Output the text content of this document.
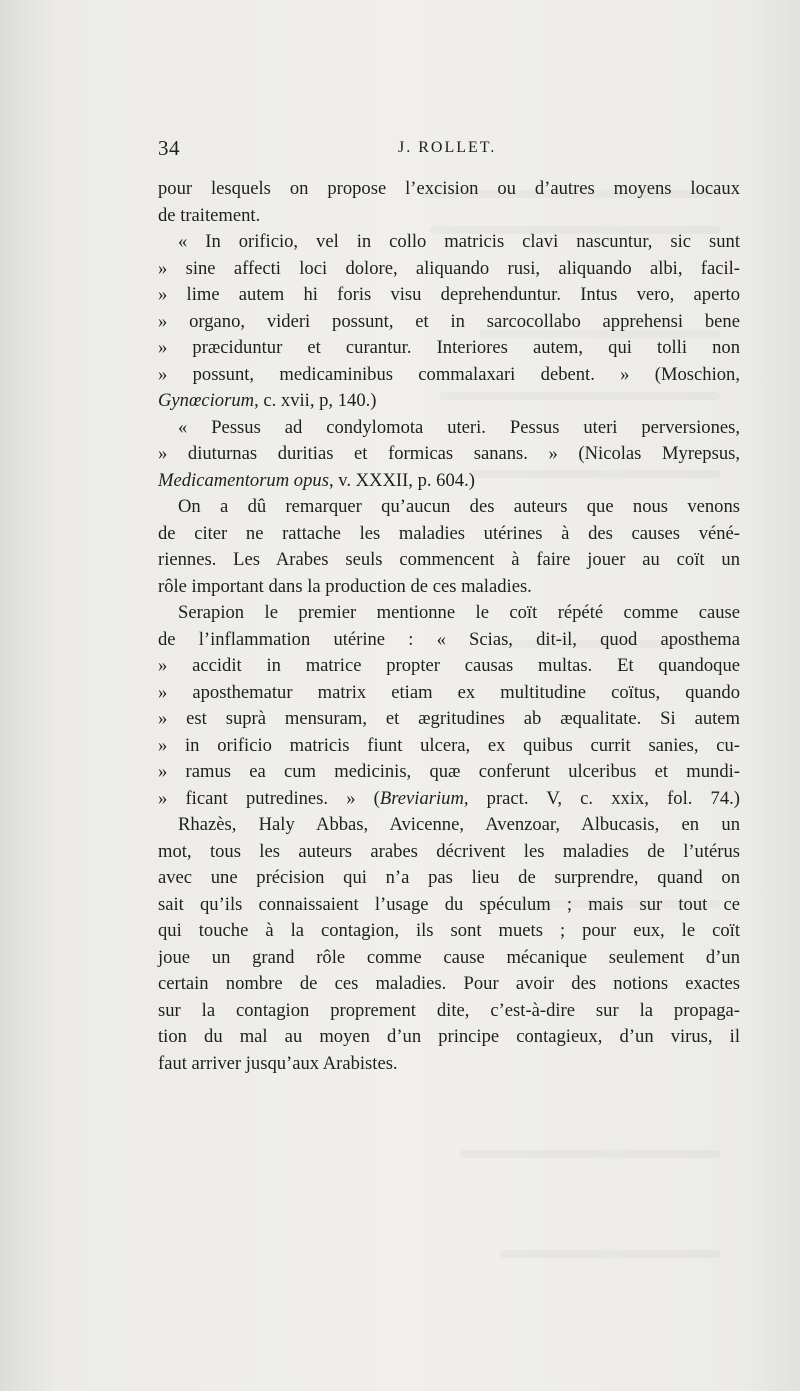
34	J. ROLLET.
pour lesquels on propose l’excision ou d’autres moyens locaux
de traitement.
« In orificio, vel in collo matricis clavi nascuntur, sic sunt
» sine affecti loci dolore, aliquando rusi, aliquando albi, facil-
» lime autem hi foris visu deprehenduntur. Intus vero, aperto
» organo, videri possunt, et in sarcocollabo apprehensi bene
» præciduntur et curantur. Interiores autem, qui tolli non
» possunt, medicaminibus commalaxari debent. » (Moschion,
Gynœciorum, c. xvii, p, 140.)
« Pessus ad condylomota uteri. Pessus uteri perversiones,
» diuturnas duritias et formicas sanans. » (Nicolas Myrepsus,
Medicamentorum opus, v. XXXII, p. 604.)
On a dû remarquer qu’aucun des auteurs que nous venons
de citer ne rattache les maladies utérines à des causes véné-
riennes. Les Arabes seuls commencent à faire jouer au coït un
rôle important dans la production de ces maladies.
Serapion le premier mentionne le coït répété comme cause
de l’inflammation utérine : « Scias, dit-il, quod aposthema
» accidit in matrice propter causas multas. Et quandoque
» aposthematur matrix etiam ex multitudine coïtus, quando
» est suprà mensuram, et ægritudines ab æqualitate. Si autem
» in orificio matricis fiunt ulcera, ex quibus currit sanies, cu-
» ramus ea cum medicinis, quæ conferunt ulceribus et mundi-
» ficant putredines. » (Breviarium, pract. V, c. xxix, fol. 74.)
Rhazès, Haly Abbas, Avicenne, Avenzoar, Albucasis, en un
mot, tous les auteurs arabes décrivent les maladies de l’utérus
avec une précision qui n’a pas lieu de surprendre, quand on
sait qu’ils connaissaient l’usage du spéculum ; mais sur tout ce
qui touche à la contagion, ils sont muets ; pour eux, le coït
joue un grand rôle comme cause mécanique seulement d’un
certain nombre de ces maladies. Pour avoir des notions exactes
sur la contagion proprement dite, c’est-à-dire sur la propaga-
tion du mal au moyen d’un principe contagieux, d’un virus, il
faut arriver jusqu’aux Arabistes.
